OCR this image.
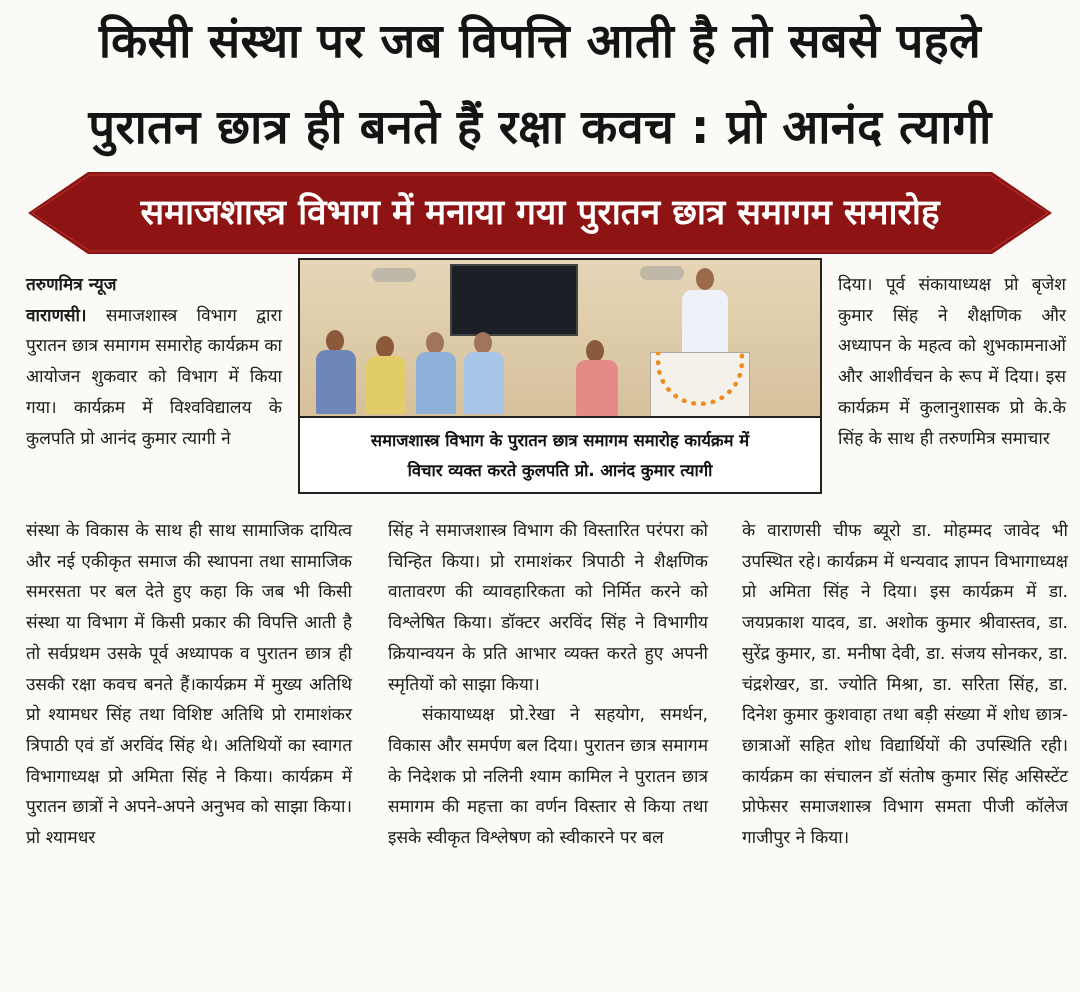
किसी संस्था पर जब विपत्ति आती है तो सबसे पहले
पुरातन छात्र ही बनते हैं रक्षा कवच : प्रो आनंद त्यागी
समाजशास्त्र विभाग में मनाया गया पुरातन छात्र समागम समारोह

तरुणमित्र न्यूज

वाराणसी। समाजशास्त्र विभाग द्वारा पुरातन छात्र समागम समारोह कार्यक्रम का आयोजन शुकवार को विभाग में किया गया। कार्यक्रम में विश्वविद्यालय के कुलपति प्रो आनंद कुमार त्यागी ने	समाजशास्त्र विभाग के पुरातन छात्र समागम समारोह कार्यक्रम में
विचार व्यक्त करते कुलपति प्रो. आनंद कुमार त्यागी

दिया। पूर्व संकायाध्यक्ष प्रो बृजेश कुमार सिंह ने शैक्षणिक और अध्यापन के महत्व को शुभकामनाओं और आशीर्वचन के रूप में दिया। इस कार्यक्रम में कुलानुशासक प्रो के.के सिंह के साथ ही तरुणमित्र समाचार

संस्था के विकास के साथ ही साथ सामाजिक दायित्व और नई एकीकृत समाज की स्थापना तथा सामाजिक समरसता पर बल देते हुए कहा कि जब भी किसी संस्था या विभाग में किसी प्रकार की विपत्ति आती है तो सर्वप्रथम उसके पूर्व अध्यापक व पुरातन छात्र ही उसकी रक्षा कवच बनते हैं।कार्यक्रम में मुख्य अतिथि प्रो श्यामधर सिंह तथा विशिष्ट अतिथि प्रो रामाशंकर त्रिपाठी एवं डॉ अरविंद सिंह थे। अतिथियों का स्वागत विभागाध्यक्ष प्रो अमिता सिंह ने किया। कार्यक्रम में पुरातन छात्रों ने अपने-अपने अनुभव को साझा किया। प्रो श्यामधर

सिंह ने समाजशास्त्र विभाग की विस्तारित परंपरा को चिन्हित किया। प्रो रामाशंकर त्रिपाठी ने शैक्षणिक वातावरण की व्यावहारिकता को निर्मित करने को विश्लेषित किया। डॉक्टर अरविंद सिंह ने विभागीय क्रियान्वयन के प्रति आभार व्यक्त करते हुए अपनी स्मृतियों को साझा किया।

संकायाध्यक्ष प्रो.रेखा ने सहयोग, समर्थन, विकास और समर्पण बल दिया। पुरातन छात्र समागम के निदेशक प्रो नलिनी श्याम कामिल ने पुरातन छात्र समागम की महत्ता का वर्णन विस्तार से किया तथा इसके स्वीकृत विश्लेषण को स्वीकारने पर बल

के वाराणसी चीफ ब्यूरो डा. मोहम्मद जावेद भी उपस्थित रहे। कार्यक्रम में धन्यवाद ज्ञापन विभागाध्यक्ष प्रो अमिता सिंह ने दिया। इस कार्यक्रम में डा. जयप्रकाश यादव, डा. अशोक कुमार श्रीवास्तव, डा. सुरेंद्र कुमार, डा. मनीषा देवी, डा. संजय सोनकर, डा. चंद्रशेखर, डा. ज्योति मिश्रा, डा. सरिता सिंह, डा. दिनेश कुमार कुशवाहा तथा बड़ी संख्या में शोध छात्र-छात्राओं सहित शोध विद्यार्थियों की उपस्थिति रही। कार्यक्रम का संचालन डॉ संतोष कुमार सिंह असिस्टेंट प्रोफेसर समाजशास्त्र विभाग समता पीजी कॉलेज गाजीपुर ने किया।
